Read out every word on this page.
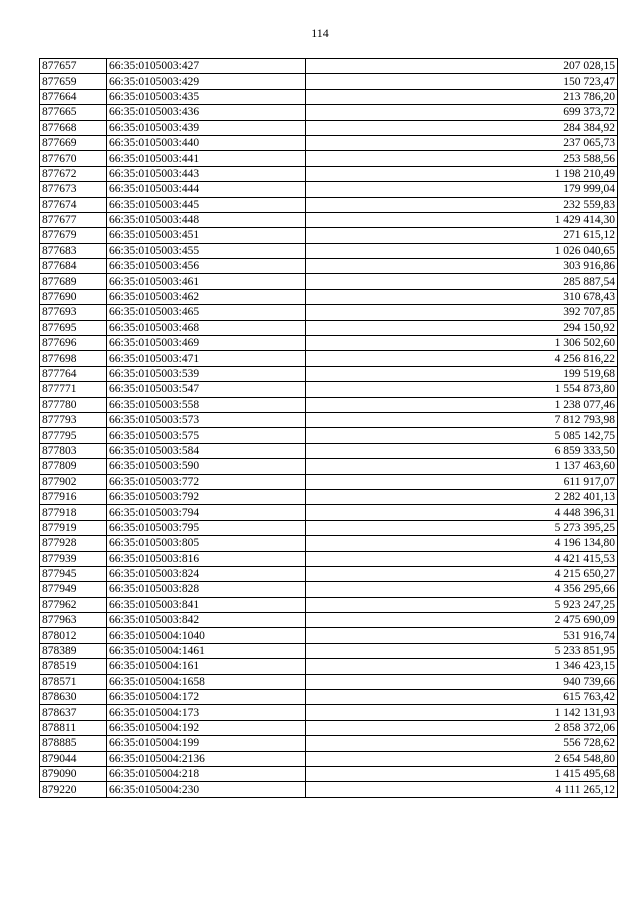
114
877657	66:35:0105003:427	207 028,15
877659	66:35:0105003:429	150 723,47
877664	66:35:0105003:435	213 786,20
877665	66:35:0105003:436	699 373,72
877668	66:35:0105003:439	284 384,92
877669	66:35:0105003:440	237 065,73
877670	66:35:0105003:441	253 588,56
877672	66:35:0105003:443	1 198 210,49
877673	66:35:0105003:444	179 999,04
877674	66:35:0105003:445	232 559,83
877677	66:35:0105003:448	1 429 414,30
877679	66:35:0105003:451	271 615,12
877683	66:35:0105003:455	1 026 040,65
877684	66:35:0105003:456	303 916,86
877689	66:35:0105003:461	285 887,54
877690	66:35:0105003:462	310 678,43
877693	66:35:0105003:465	392 707,85
877695	66:35:0105003:468	294 150,92
877696	66:35:0105003:469	1 306 502,60
877698	66:35:0105003:471	4 256 816,22
877764	66:35:0105003:539	199 519,68
877771	66:35:0105003:547	1 554 873,80
877780	66:35:0105003:558	1 238 077,46
877793	66:35:0105003:573	7 812 793,98
877795	66:35:0105003:575	5 085 142,75
877803	66:35:0105003:584	6 859 333,50
877809	66:35:0105003:590	1 137 463,60
877902	66:35:0105003:772	611 917,07
877916	66:35:0105003:792	2 282 401,13
877918	66:35:0105003:794	4 448 396,31
877919	66:35:0105003:795	5 273 395,25
877928	66:35:0105003:805	4 196 134,80
877939	66:35:0105003:816	4 421 415,53
877945	66:35:0105003:824	4 215 650,27
877949	66:35:0105003:828	4 356 295,66
877962	66:35:0105003:841	5 923 247,25
877963	66:35:0105003:842	2 475 690,09
878012	66:35:0105004:1040	531 916,74
878389	66:35:0105004:1461	5 233 851,95
878519	66:35:0105004:161	1 346 423,15
878571	66:35:0105004:1658	940 739,66
878630	66:35:0105004:172	615 763,42
878637	66:35:0105004:173	1 142 131,93
878811	66:35:0105004:192	2 858 372,06
878885	66:35:0105004:199	556 728,62
879044	66:35:0105004:2136	2 654 548,80
879090	66:35:0105004:218	1 415 495,68
879220	66:35:0105004:230	4 111 265,12
